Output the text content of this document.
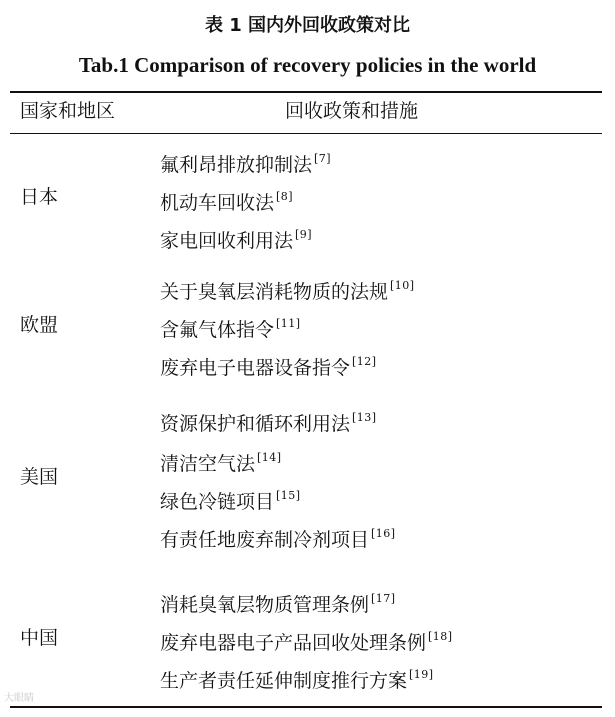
表 1 国内外回收政策对比
Tab.1 Comparison of recovery policies in the world
国家和地区	回收政策和措施
日本
氟利昂排放抑制法 [7]
机动车回收法 [8]
家电回收利用法 [9]
欧盟
关于臭氧层消耗物质的法规 [10]
含氟气体指令 [11]
废弃电子电器设备指令 [12]
美国
资源保护和循环利用法 [13]
清洁空气法 [14]
绿色冷链项目 [15]
有责任地废弃制冷剂项目 [16]
中国
消耗臭氧层物质管理条例 [17]
废弃电器电子产品回收处理条例 [18]
生产者责任延伸制度推行方案 [19]
大眼睛
